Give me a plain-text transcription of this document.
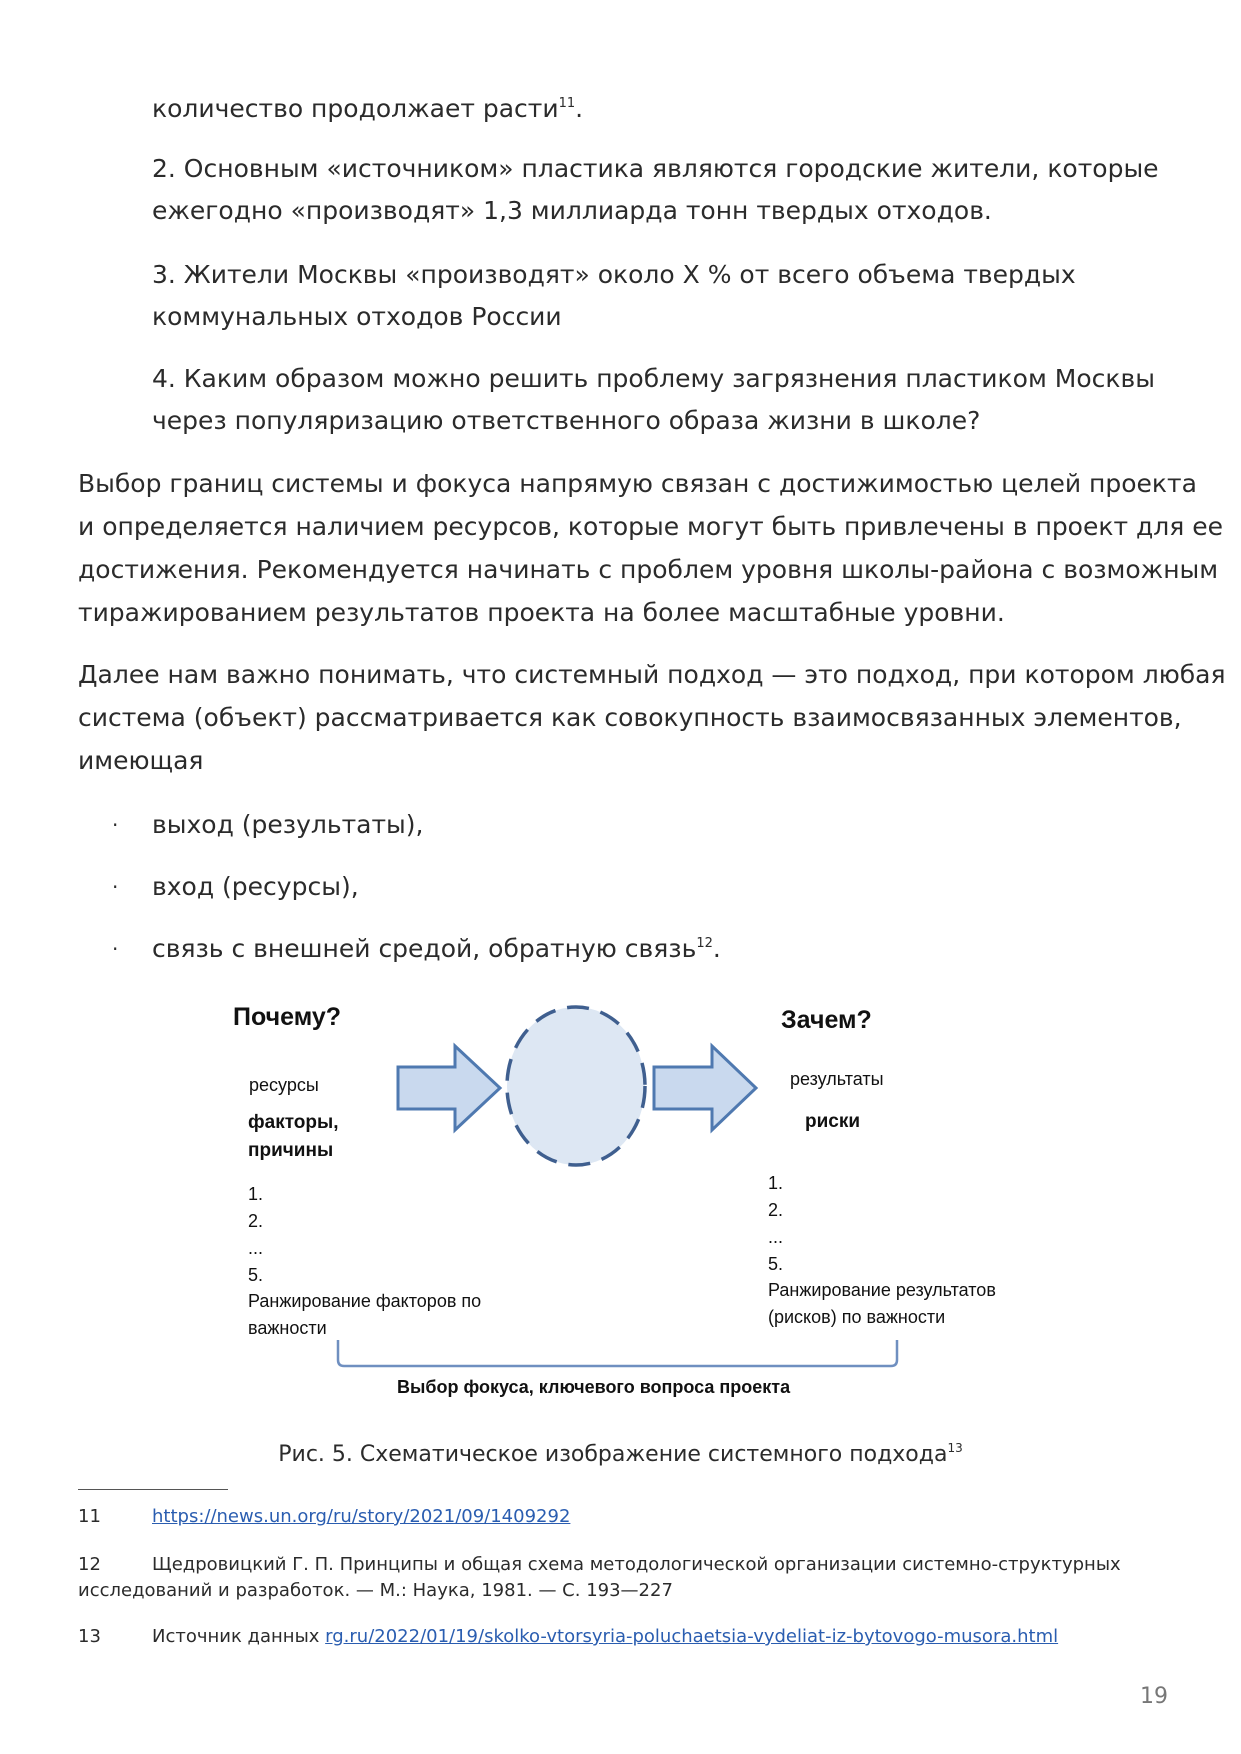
количество продолжает расти$^{11}$.
2. Основным «источником» пластика являются городские жители, которые
ежегодно «производят» 1,3 миллиарда тонн твердых отходов.
3. Жители Москвы «производят» около Х % от всего объема твердых
коммунальных отходов России
4. Каким образом можно решить проблему загрязнения пластиком Москвы
через популяризацию ответственного образа жизни в школе?
Выбор границ системы и фокуса напрямую связан с достижимостью целей проекта
и определяется наличием ресурсов, которые могут быть привлечены в проект для ее
достижения. Рекомендуется начинать с проблем уровня школы-района с возможным
тиражированием результатов проекта на более масштабные уровни.
Далее нам важно понимать, что системный подход — это подход, при котором любая
система (объект) рассматривается как совокупность взаимосвязанных элементов,
имеющая
· выход (результаты),
· вход (ресурсы),
· связь с внешней средой, обратную связь$^{12}$.
Почему?
ресурсы
факторы,
причины
1.
2.
...
5.
Ранжирование факторов по
важности
Зачем?
результаты
риски
1.
2.
...
5.
Ранжирование результатов
(рисков) по важности
Выбор фокуса, ключевого вопроса проекта
Рис. 5. Схематическое изображение системного подхода$^{13}$
11	https://news.un.org/ru/story/2021/09/1409292
12	Щедровицкий Г. П. Принципы и общая схема методологической организации системно-структурных
исследований и разработок. — М.: Наука, 1981. — С. 193—227
13	Источник данных rg.ru/2022/01/19/skolko-vtorsyria-poluchaetsia-vydeliat-iz-bytovogo-musora.html
19
